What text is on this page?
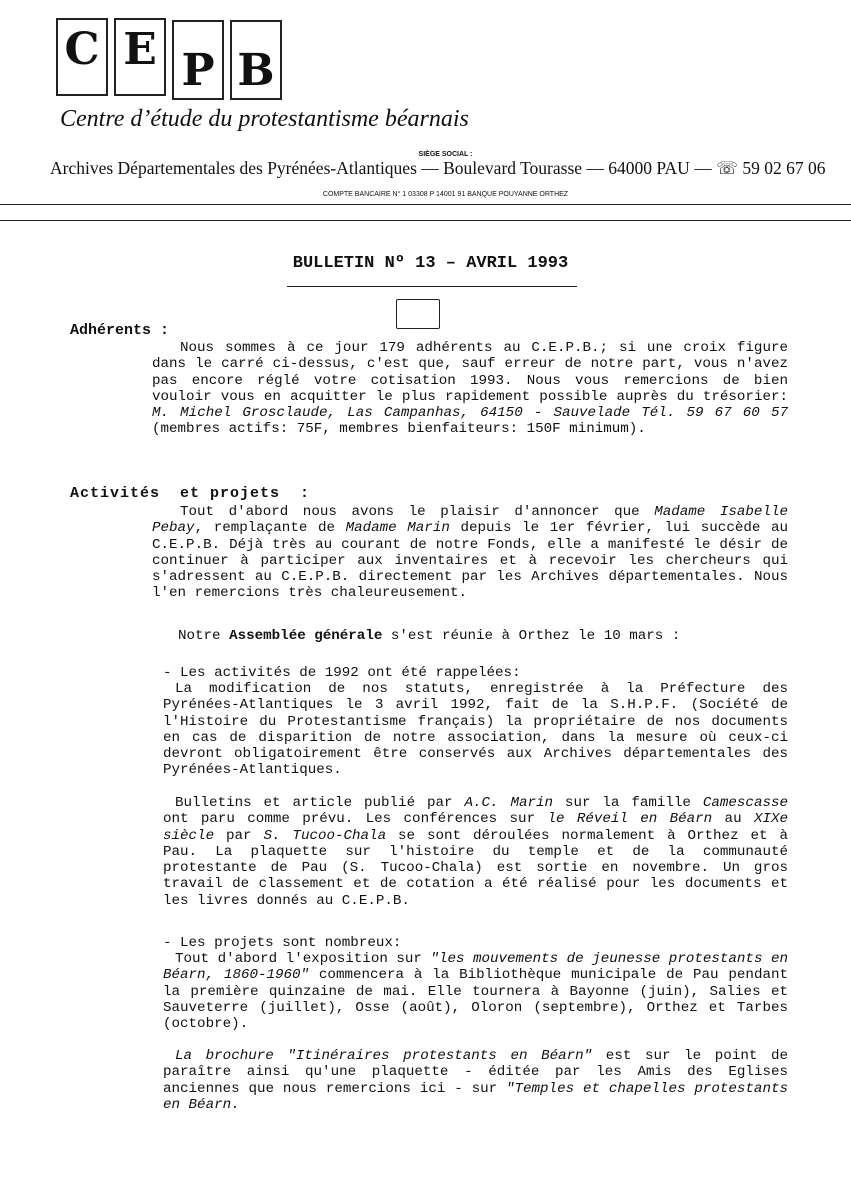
C E P B
Centre d’étude du protestantisme béarnais
SIÈGE SOCIAL :
Archives Départementales des Pyrénées-Atlantiques — Boulevard Tourasse — 64000 PAU — ☏ 59 02 67 06
COMPTE BANCAIRE N° 1 03308 P 14001 91 BANQUE POUYANNE ORTHEZ
BULLETIN Nº 13 – AVRIL 1993
Adhérents :

Nous sommes à ce jour 179 adhérents au C.E.P.B.; si une croix figure dans le carré ci-dessus, c'est que, sauf erreur de notre part, vous n'avez pas encore réglé votre cotisation 1993. Nous vous remercions de bien vouloir vous en acquitter le plus rapidement possible auprès du trésorier: M. Michel Grosclaude, Las Campanhas, 64150 - Sauvelade Tél. 59 67 60 57 (membres actifs: 75F, membres bienfaiteurs: 150F minimum).

Activités  et projets  :

Tout d'abord nous avons le plaisir d'annoncer que Madame Isabelle Pebay, remplaçante de Madame Marin depuis le 1er février, lui succède au C.E.P.B. Déjà très au courant de notre Fonds, elle a manifesté le désir de continuer à participer aux inventaires et à recevoir les chercheurs qui s'adressent au C.E.P.B. directement par les Archives départementales. Nous l'en remercions très chaleureusement.

Notre Assemblée générale s'est réunie à Orthez le 10 mars :

- Les activités de 1992 ont été rappelées:

La modification de nos statuts, enregistrée à la Préfecture des Pyrénées-Atlantiques le 3 avril 1992, fait de la S.H.P.F. (Société de l'Histoire du Protestantisme français) la propriétaire de nos documents en cas de disparition de notre association, dans la mesure où ceux-ci devront obligatoirement être conservés aux Archives départementales des Pyrénées-Atlantiques.

Bulletins et article publié par A.C. Marin sur la famille Camescasse ont paru comme prévu. Les conférences sur le Réveil en Béarn au XIXe siècle par S. Tucoo-Chala se sont déroulées normalement à Orthez et à Pau. La plaquette sur l'histoire du temple et de la communauté protestante de Pau (S. Tucoo-Chala) est sortie en novembre. Un gros travail de classement et de cotation a été réalisé pour les documents et les livres donnés au C.E.P.B.

- Les projets sont nombreux:

Tout d'abord l'exposition sur "les mouvements de jeunesse protestants en Béarn, 1860-1960" commencera à la Bibliothèque municipale de Pau pendant la première quinzaine de mai. Elle tournera à Bayonne (juin), Salies et Sauveterre (juillet), Osse (août), Oloron (septembre), Orthez et Tarbes (octobre).

La brochure "Itinéraires protestants en Béarn" est sur le point de paraître ainsi qu'une plaquette - éditée par les Amis des Eglises anciennes que nous remercions ici - sur "Temples et chapelles protestants en Béarn.
